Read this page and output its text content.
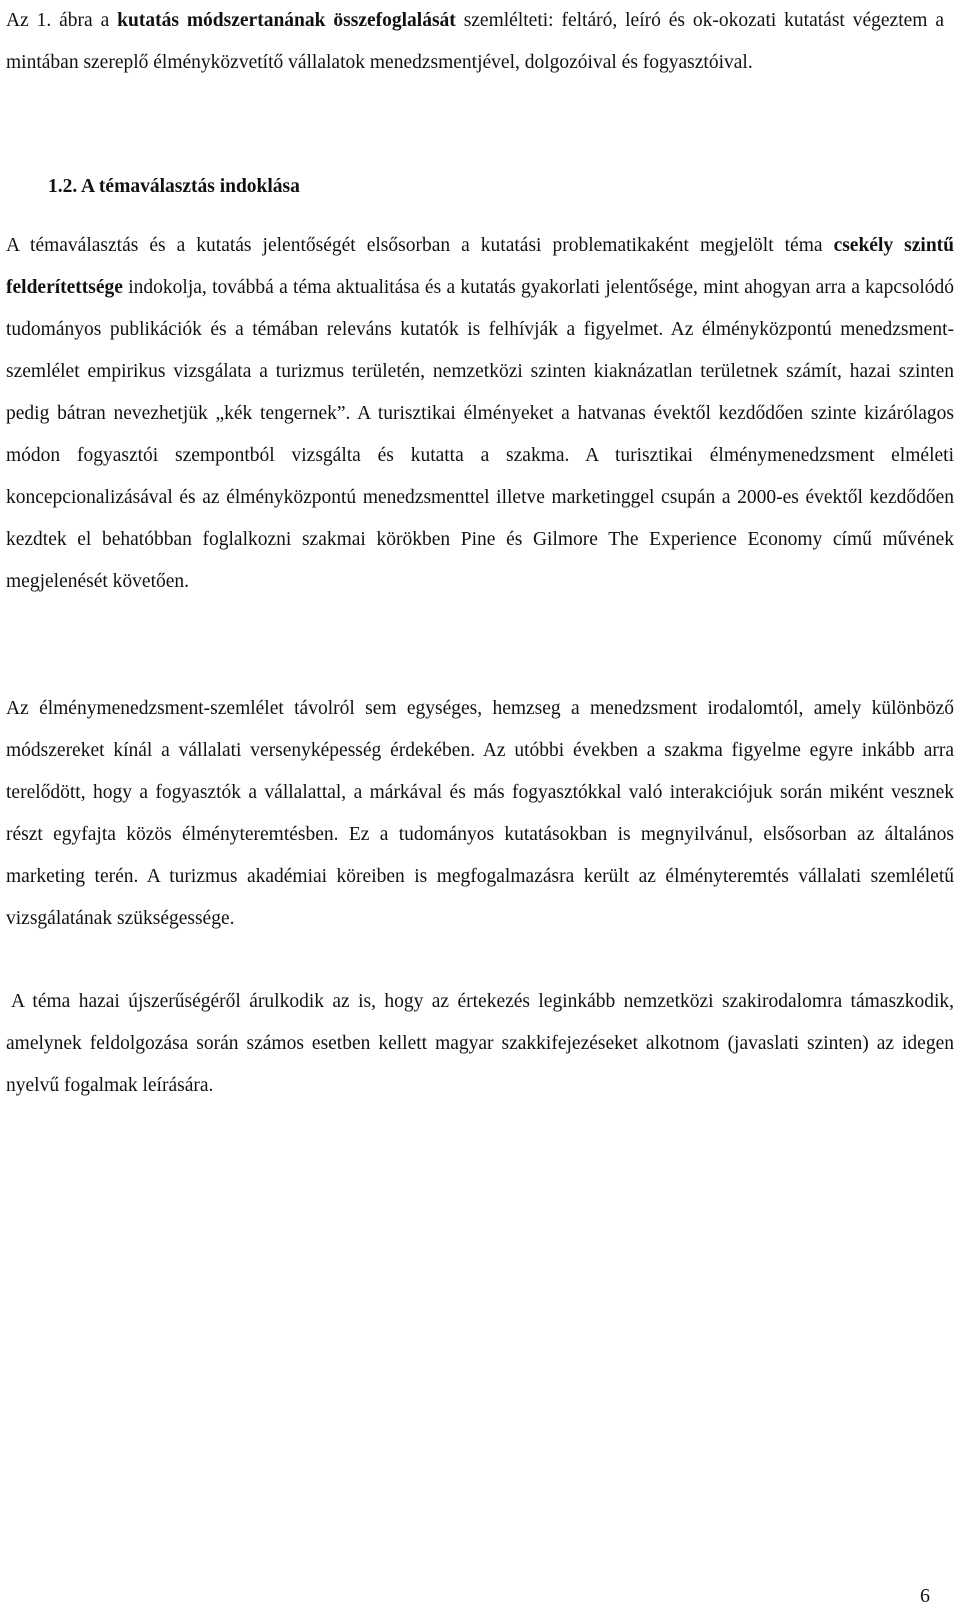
Az 1. ábra a kutatás módszertanának összefoglalását szemlélteti: feltáró, leíró és ok-okozati kutatást végeztem a mintában szereplő élményközvetítő vállalatok menedzsmentjével, dolgozóival és fogyasztóival.

1.2. A témaválasztás indoklása

A témaválasztás és a kutatás jelentőségét elsősorban a kutatási problematikaként megjelölt téma csekély szintű felderítettsége indokolja, továbbá a téma aktualitása és a kutatás gyakorlati jelentősége, mint ahogyan arra a kapcsolódó tudományos publikációk és a témában releváns kutatók is felhívják a figyelmet. Az élményközpontú menedzsment-szemlélet empirikus vizsgálata a turizmus területén, nemzetközi szinten kiaknázatlan területnek számít, hazai szinten pedig bátran nevezhetjük „kék tengernek”. A turisztikai élményeket a hatvanas évektől kezdődően szinte kizárólagos módon fogyasztói szempontból vizsgálta és kutatta a szakma. A turisztikai élménymenedzsment elméleti koncepcionalizásával és az élményközpontú menedzsmenttel illetve marketinggel csupán a 2000-es évektől kezdődően kezdtek el behatóbban foglalkozni szakmai körökben Pine és Gilmore The Experience Economy című művének megjelenését követően.

Az élménymenedzsment-szemlélet távolról sem egységes, hemzseg a menedzsment irodalomtól, amely különböző módszereket kínál a vállalati versenyképesség érdekében. Az utóbbi években a szakma figyelme egyre inkább arra terelődött, hogy a fogyasztók a vállalattal, a márkával és más fogyasztókkal való interakciójuk során miként vesznek részt egyfajta közös élményteremtésben. Ez a tudományos kutatásokban is megnyilvánul, elsősorban az általános marketing terén. A turizmus akadémiai köreiben is megfogalmazásra került az élményteremtés vállalati szemléletű vizsgálatának szükségessége.

A téma hazai újszerűségéről árulkodik az is, hogy az értekezés leginkább nemzetközi szakirodalomra támaszkodik, amelynek feldolgozása során számos esetben kellett magyar szakkifejezéseket alkotnom (javaslati szinten) az idegen nyelvű fogalmak leírására.

6
